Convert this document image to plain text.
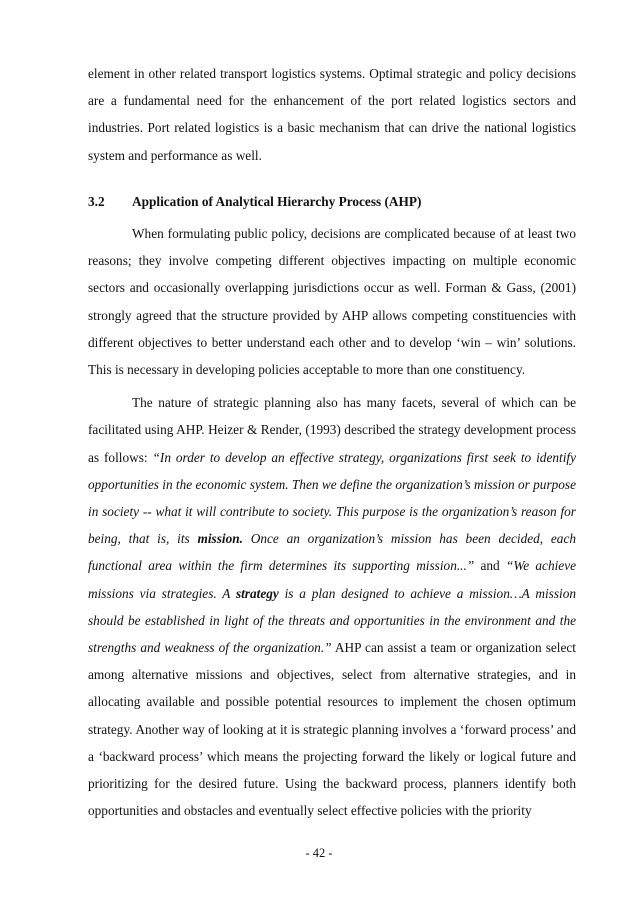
element in other related transport logistics systems. Optimal strategic and policy decisions are a fundamental need for the enhancement of the port related logistics sectors and industries. Port related logistics is a basic mechanism that can drive the national logistics system and performance as well.

3.2	Application of Analytical Hierarchy Process (AHP)

When formulating public policy, decisions are complicated because of at least two reasons; they involve competing different objectives impacting on multiple economic sectors and occasionally overlapping jurisdictions occur as well. Forman & Gass, (2001) strongly agreed that the structure provided by AHP allows competing constituencies with different objectives to better understand each other and to develop ‘win – win’ solutions. This is necessary in developing policies acceptable to more than one constituency.

The nature of strategic planning also has many facets, several of which can be facilitated using AHP. Heizer & Render, (1993) described the strategy development process as follows: “In order to develop an effective strategy, organizations first seek to identify opportunities in the economic system. Then we define the organization’s mission or purpose in society -- what it will contribute to society. This purpose is the organization’s reason for being, that is, its mission. Once an organization’s mission has been decided, each functional area within the firm determines its supporting mission...” and “We achieve missions via strategies. A strategy is a plan designed to achieve a mission…A mission should be established in light of the threats and opportunities in the environment and the strengths and weakness of the organization.” AHP can assist a team or organization select among alternative missions and objectives, select from alternative strategies, and in allocating available and possible potential resources to implement the chosen optimum strategy. Another way of looking at it is strategic planning involves a ‘forward process’ and a ‘backward process’ which means the projecting forward the likely or logical future and prioritizing for the desired future. Using the backward process, planners identify both opportunities and obstacles and eventually select effective policies with the priority

- 42 -
